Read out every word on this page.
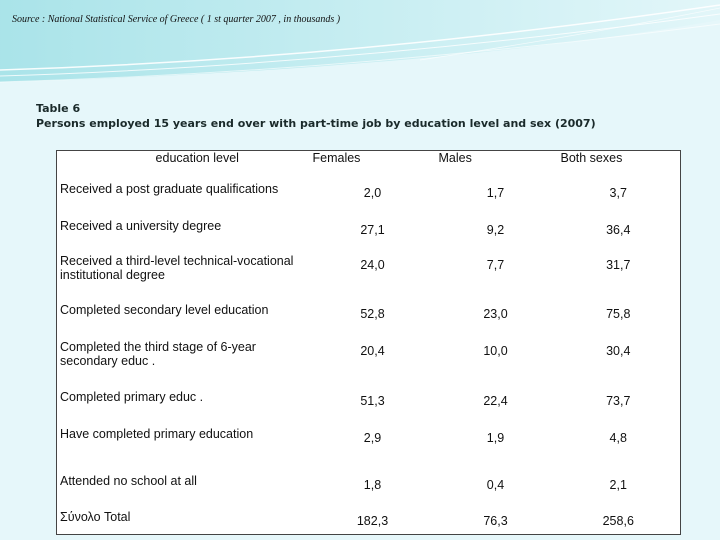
Source : National Statistical Service of Greece ( 1 st quarter 2007 , in thousands )
Table 6
Persons employed 15 years end over with part-time job by education level and sex (2007)
education level	Females	Males	Both sexes
Received a post graduate qualifications	2,0	1,7	3,7
Received a university degree	27,1	9,2	36,4
Received a third-level technical-vocational institutional degree	24,0	7,7	31,7
Completed secondary level education	52,8	23,0	75,8
Completed the third stage of 6-year secondary educ .	20,4	10,0	30,4
Completed primary educ .	51,3	22,4	73,7
Have completed primary education	2,9	1,9	4,8
Attended no school at all	1,8	0,4	2,1
Σύνολο Total	182,3	76,3	258,6
